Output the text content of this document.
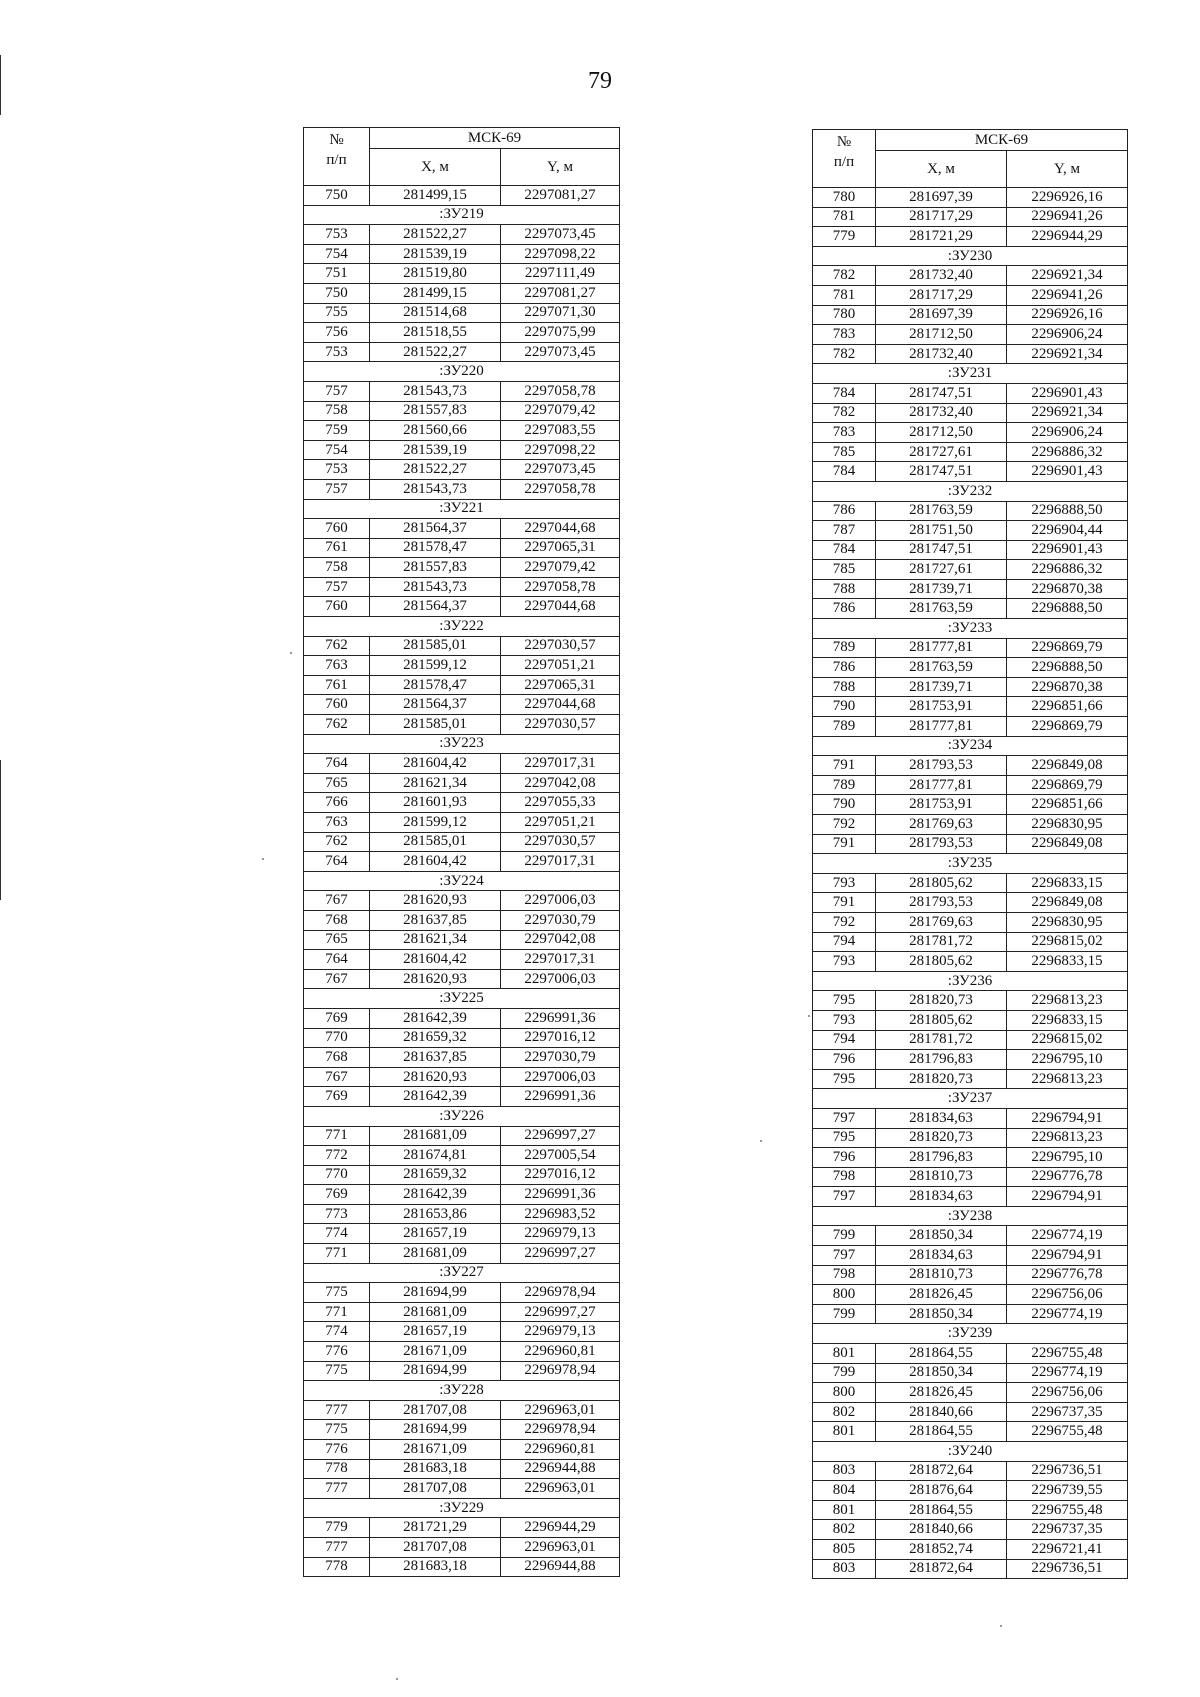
79
№
п/п	МСК-69	
	X, м	Y, м
750	281499,15	2297081,27
:ЗУ219		
753	281522,27	2297073,45
754	281539,19	2297098,22
751	281519,80	2297111,49
750	281499,15	2297081,27
755	281514,68	2297071,30
756	281518,55	2297075,99
753	281522,27	2297073,45
:ЗУ220		
757	281543,73	2297058,78
758	281557,83	2297079,42
759	281560,66	2297083,55
754	281539,19	2297098,22
753	281522,27	2297073,45
757	281543,73	2297058,78
:ЗУ221		
760	281564,37	2297044,68
761	281578,47	2297065,31
758	281557,83	2297079,42
757	281543,73	2297058,78
760	281564,37	2297044,68
:ЗУ222		
762	281585,01	2297030,57
763	281599,12	2297051,21
761	281578,47	2297065,31
760	281564,37	2297044,68
762	281585,01	2297030,57
:ЗУ223		
764	281604,42	2297017,31
765	281621,34	2297042,08
766	281601,93	2297055,33
763	281599,12	2297051,21
762	281585,01	2297030,57
764	281604,42	2297017,31
:ЗУ224		
767	281620,93	2297006,03
768	281637,85	2297030,79
765	281621,34	2297042,08
764	281604,42	2297017,31
767	281620,93	2297006,03
:ЗУ225		
769	281642,39	2296991,36
770	281659,32	2297016,12
768	281637,85	2297030,79
767	281620,93	2297006,03
769	281642,39	2296991,36
:ЗУ226		
771	281681,09	2296997,27
772	281674,81	2297005,54
770	281659,32	2297016,12
769	281642,39	2296991,36
773	281653,86	2296983,52
774	281657,19	2296979,13
771	281681,09	2296997,27
:ЗУ227		
775	281694,99	2296978,94
771	281681,09	2296997,27
774	281657,19	2296979,13
776	281671,09	2296960,81
775	281694,99	2296978,94
:ЗУ228		
777	281707,08	2296963,01
775	281694,99	2296978,94
776	281671,09	2296960,81
778	281683,18	2296944,88
777	281707,08	2296963,01
:ЗУ229		
779	281721,29	2296944,29
777	281707,08	2296963,01
778	281683,18	2296944,88
№
п/п	МСК-69	
	X, м	Y, м
780	281697,39	2296926,16
781	281717,29	2296941,26
779	281721,29	2296944,29
:ЗУ230		
782	281732,40	2296921,34
781	281717,29	2296941,26
780	281697,39	2296926,16
783	281712,50	2296906,24
782	281732,40	2296921,34
:ЗУ231		
784	281747,51	2296901,43
782	281732,40	2296921,34
783	281712,50	2296906,24
785	281727,61	2296886,32
784	281747,51	2296901,43
:ЗУ232		
786	281763,59	2296888,50
787	281751,50	2296904,44
784	281747,51	2296901,43
785	281727,61	2296886,32
788	281739,71	2296870,38
786	281763,59	2296888,50
:ЗУ233		
789	281777,81	2296869,79
786	281763,59	2296888,50
788	281739,71	2296870,38
790	281753,91	2296851,66
789	281777,81	2296869,79
:ЗУ234		
791	281793,53	2296849,08
789	281777,81	2296869,79
790	281753,91	2296851,66
792	281769,63	2296830,95
791	281793,53	2296849,08
:ЗУ235		
793	281805,62	2296833,15
791	281793,53	2296849,08
792	281769,63	2296830,95
794	281781,72	2296815,02
793	281805,62	2296833,15
:ЗУ236		
795	281820,73	2296813,23
793	281805,62	2296833,15
794	281781,72	2296815,02
796	281796,83	2296795,10
795	281820,73	2296813,23
:ЗУ237		
797	281834,63	2296794,91
795	281820,73	2296813,23
796	281796,83	2296795,10
798	281810,73	2296776,78
797	281834,63	2296794,91
:ЗУ238		
799	281850,34	2296774,19
797	281834,63	2296794,91
798	281810,73	2296776,78
800	281826,45	2296756,06
799	281850,34	2296774,19
:ЗУ239		
801	281864,55	2296755,48
799	281850,34	2296774,19
800	281826,45	2296756,06
802	281840,66	2296737,35
801	281864,55	2296755,48
:ЗУ240		
803	281872,64	2296736,51
804	281876,64	2296739,55
801	281864,55	2296755,48
802	281840,66	2296737,35
805	281852,74	2296721,41
803	281872,64	2296736,51
